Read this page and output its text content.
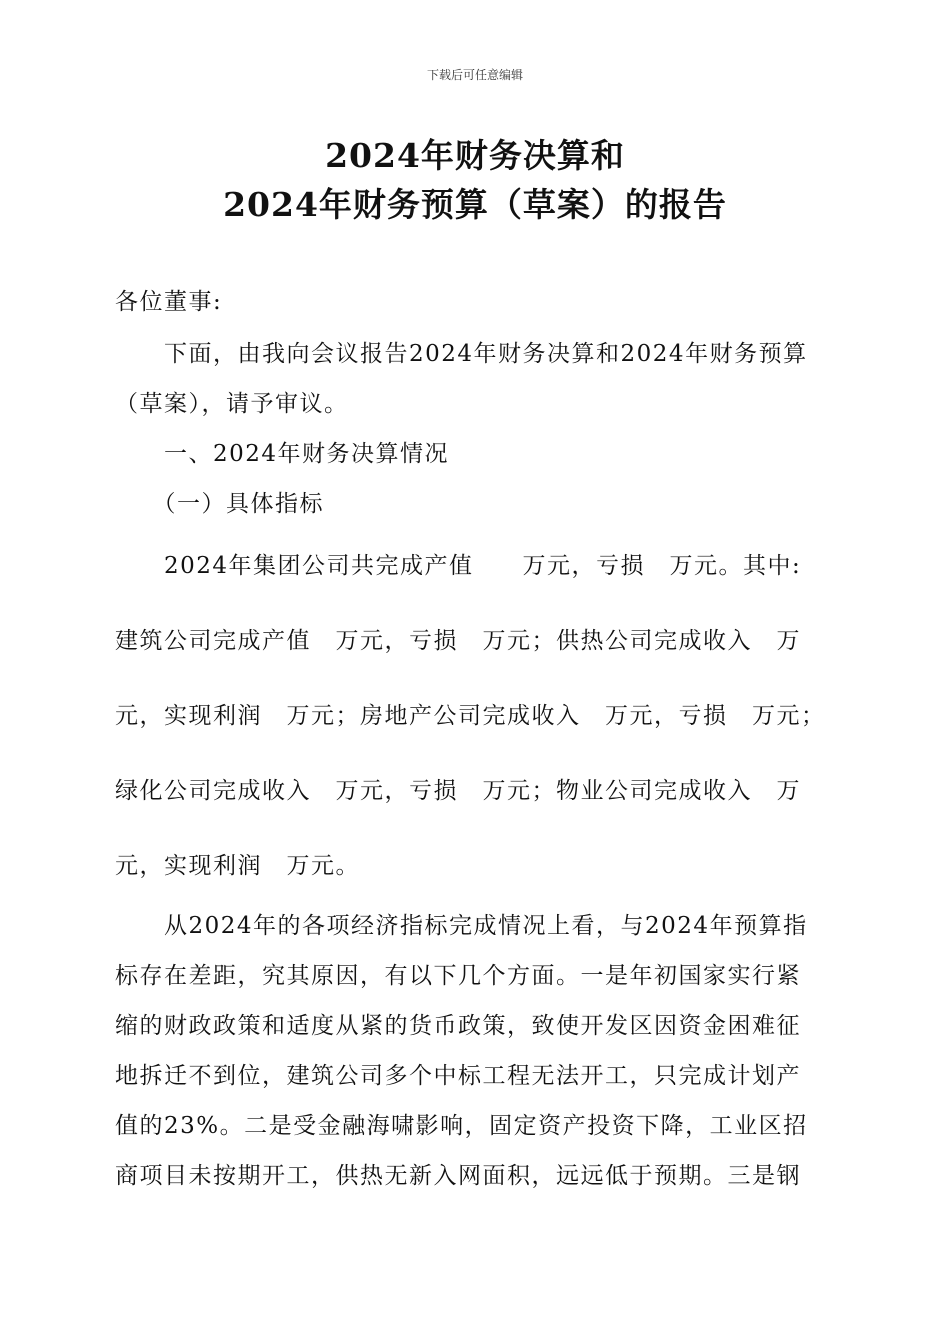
下载后可任意编辑
2024年财务决算和
2024年财务预算（草案）的报告
各位董事:
　　下面，由我向会议报告2024年财务决算和2024年财务预算
（草案），请予审议。
　　一、2024年财务决算情况
　　（一）具体指标
　　2024年集团公司共完成产值　　万元，亏损　万元。其中:
建筑公司完成产值　万元，亏损　万元；供热公司完成收入　万
元，实现利润　万元；房地产公司完成收入　万元，亏损　万元；
绿化公司完成收入　万元，亏损　万元；物业公司完成收入　万
元，实现利润　万元。
　　从2024年的各项经济指标完成情况上看，与2024年预算指
标存在差距，究其原因，有以下几个方面。一是年初国家实行紧
缩的财政政策和适度从紧的货币政策，致使开发区因资金困难征
地拆迁不到位，建筑公司多个中标工程无法开工，只完成计划产
值的23%。二是受金融海啸影响，固定资产投资下降，工业区招
商项目未按期开工，供热无新入网面积，远远低于预期。三是钢
